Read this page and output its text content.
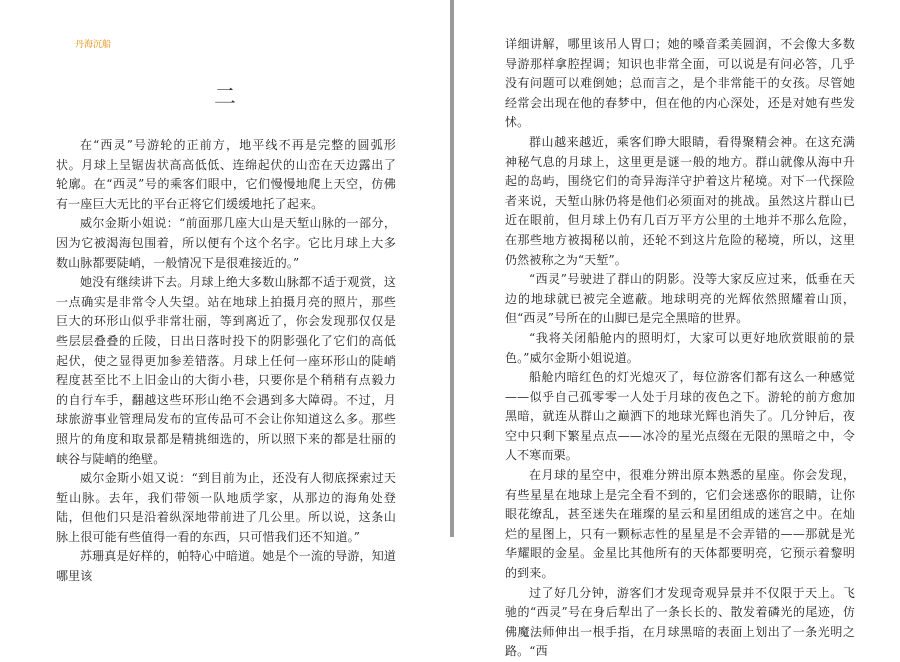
丹海沉船
二

在“西灵”号游轮的正前方，地平线不再是完整的圆弧形状。月球上呈锯齿状高高低低、连绵起伏的山峦在天边露出了轮廓。在“西灵”号的乘客们眼中，它们慢慢地爬上天空，仿佛有一座巨大无比的平台正将它们缓缓地托了起来。

威尔金斯小姐说：“前面那几座大山是天堑山脉的一部分，因为它被渴海包围着，所以便有个这个名字。它比月球上大多数山脉都要陡峭，一般情况下是很难接近的。”

她没有继续讲下去。月球上绝大多数山脉都不适于观赏，这一点确实是非常令人失望。站在地球上拍摄月亮的照片，那些巨大的环形山似乎非常壮丽，等到离近了，你会发现那仅仅是些层层叠叠的丘陵，日出日落时投下的阴影强化了它们的高低起伏，使之显得更加参差错落。月球上任何一座环形山的陡峭程度甚至比不上旧金山的大街小巷，只要你是个稍稍有点毅力的自行车手，翻越这些环形山绝不会遇到多大障碍。不过，月球旅游事业管理局发布的宣传品可不会让你知道这么多。那些照片的角度和取景都是精挑细选的，所以照下来的都是壮丽的峡谷与陡峭的绝壁。

威尔金斯小姐又说：“到目前为止，还没有人彻底探索过天堑山脉。去年，我们带领一队地质学家，从那边的海角处登陆，但他们只是沿着纵深地带前进了几公里。所以说，这条山脉上很可能有些值得一看的东西，只可惜我们还不知道。”

苏珊真是好样的，帕特心中暗道。她是个一流的导游，知道哪里该

详细讲解，哪里该吊人胃口；她的嗓音柔美圆润，不会像大多数导游那样拿腔捏调；知识也非常全面，可以说是有问必答，几乎没有问题可以难倒她；总而言之，是个非常能干的女孩。尽管她经常会出现在他的春梦中，但在他的内心深处，还是对她有些发怵。

群山越来越近，乘客们睁大眼睛，看得聚精会神。在这充满神秘气息的月球上，这里更是谜一般的地方。群山就像从海中升起的岛屿，围绕它们的奇异海洋守护着这片秘境。对下一代探险者来说，天堑山脉仍将是他们必须面对的挑战。虽然这片群山已近在眼前，但月球上仍有几百万平方公里的土地并不那么危险，在那些地方被揭秘以前，还轮不到这片危险的秘境，所以，这里仍然被称之为“天堑”。

“西灵”号驶进了群山的阴影。没等大家反应过来，低垂在天边的地球就已被完全遮蔽。地球明亮的光辉依然照耀着山顶，但“西灵”号所在的山脚已是完全黑暗的世界。

“我将关闭船舱内的照明灯，大家可以更好地欣赏眼前的景色。”威尔金斯小姐说道。

船舱内暗红色的灯光熄灭了，每位游客们都有这么一种感觉——似乎自己孤零零一人处于月球的夜色之下。游轮的前方愈加黑暗，就连从群山之巅洒下的地球光辉也消失了。几分钟后，夜空中只剩下繁星点点——冰冷的星光点缀在无限的黑暗之中，令人不寒而栗。

在月球的星空中，很难分辨出原本熟悉的星座。你会发现，有些星星在地球上是完全看不到的，它们会迷惑你的眼睛，让你眼花缭乱，甚至迷失在璀璨的星云和星团组成的迷宫之中。在灿烂的星图上，只有一颗标志性的星星是不会弄错的——那就是光华耀眼的金星。金星比其他所有的天体都要明亮，它预示着黎明的到来。

过了好几分钟，游客们才发现奇观异景并不仅限于天上。飞驰的“西灵”号在身后犁出了一条长长的、散发着磷光的尾迹，仿佛魔法师伸出一根手指，在月球黑暗的表面上划出了一条光明之路。“西
